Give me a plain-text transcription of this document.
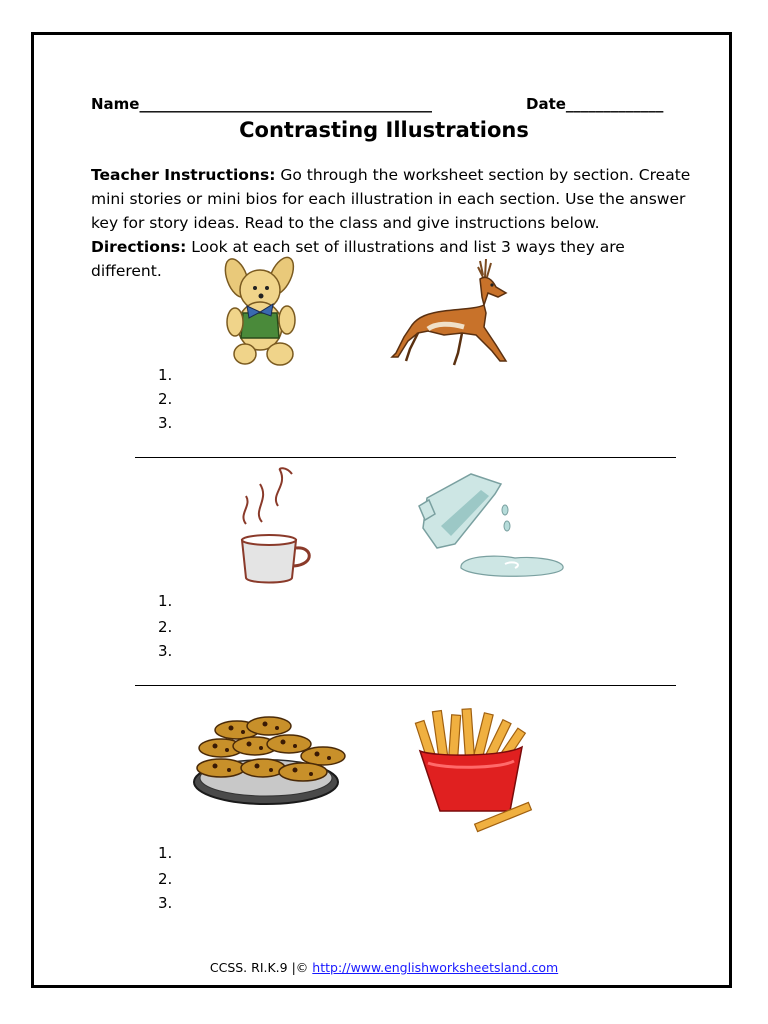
Name_______________________________________	Date_____________
Contrasting Illustrations
Teacher Instructions: Go through the worksheet section by section. Create mini stories or mini bios for each illustration in each section. Use the answer key for story ideas. Read to the class and give instructions below.
Directions: Look at each set of illustrations and list 3 ways they are different.
1.
2.
3.
1.
2.
3.
1.
2.
3.
CCSS. RI.K.9 |© http://www.englishworksheetsland.com
